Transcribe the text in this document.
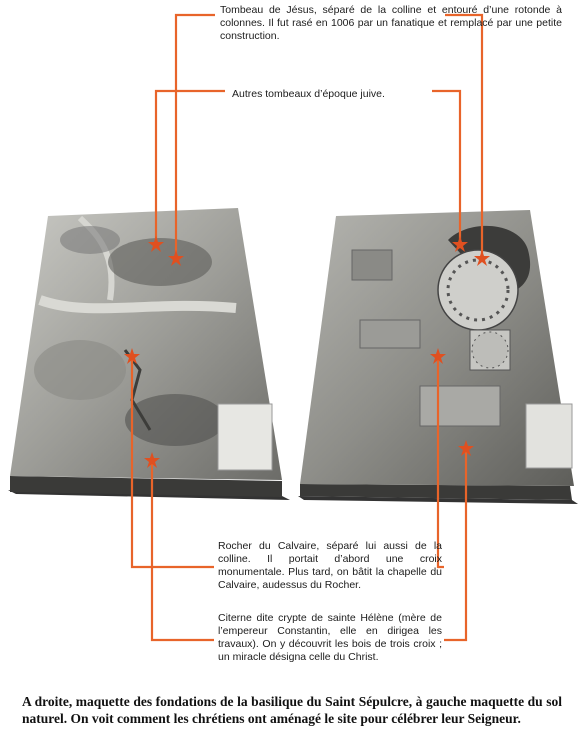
Tombeau de Jésus, séparé de la colline et entouré d’une rotonde à colonnes. Il fut rasé en 1006 par un fanatique et remplacé par une petite construction.
Autres tombeaux d’époque juive.
Rocher du Calvaire, séparé lui aussi de la colline. Il portait d’abord une croix monumentale. Plus tard, on bâtit la chapelle du Calvaire, audessus du Rocher.
Citerne dite crypte de sainte Hélène (mère de l’empereur Constantin, elle en dirigea les travaux). On y découvrit les bois de trois croix ; un miracle désigna celle du Christ.
A droite, maquette des fondations de la basilique du Saint Sépulcre, à gauche maquette du sol naturel. On voit comment les chrétiens ont aménagé le site pour célébrer leur Seigneur.
